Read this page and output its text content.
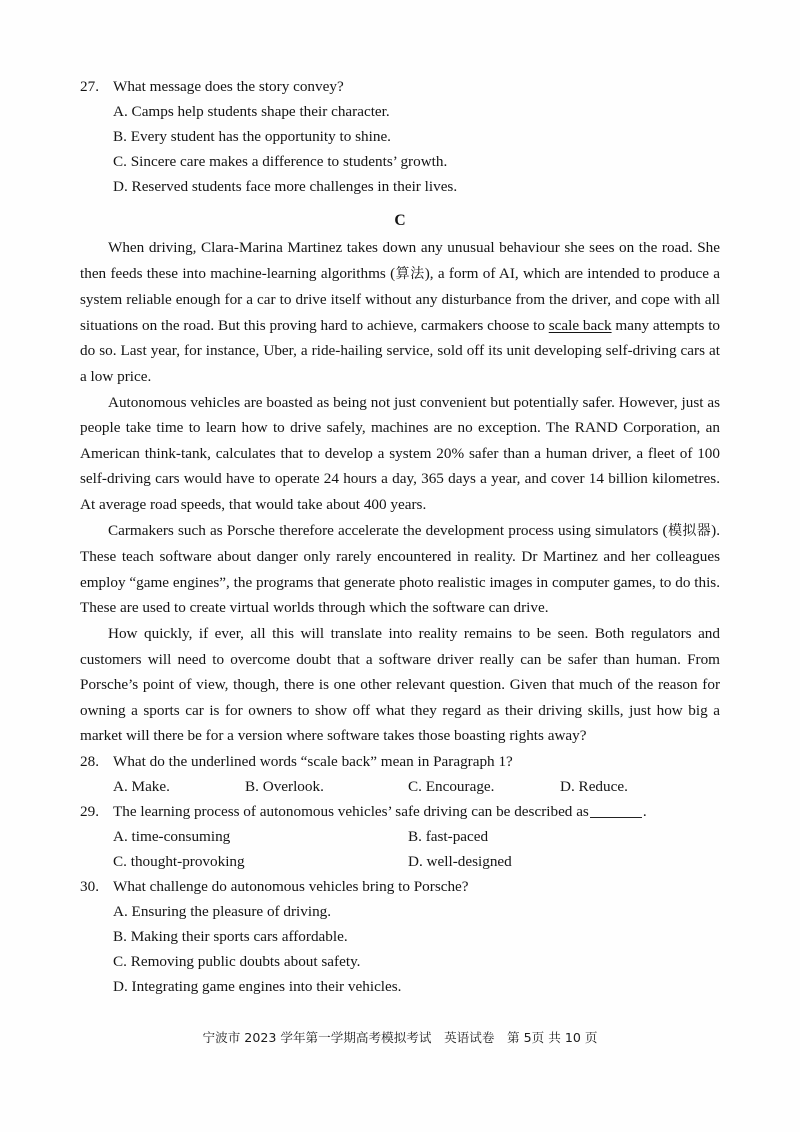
27. What message does the story convey?
A. Camps help students shape their character.
B. Every student has the opportunity to shine.
C. Sincere care makes a difference to students’ growth.
D. Reserved students face more challenges in their lives.
C

When driving, Clara-Marina Martinez takes down any unusual behaviour she sees on the road. She then feeds these into machine-learning algorithms (算法), a form of AI, which are intended to produce a system reliable enough for a car to drive itself without any disturbance from the driver, and cope with all situations on the road. But this proving hard to achieve, carmakers choose to scale back many attempts to do so. Last year, for instance, Uber, a ride-hailing service, sold off its unit developing self-driving cars at a low price.

Autonomous vehicles are boasted as being not just convenient but potentially safer. However, just as people take time to learn how to drive safely, machines are no exception. The RAND Corporation, an American think-tank, calculates that to develop a system 20% safer than a human driver, a fleet of 100 self-driving cars would have to operate 24 hours a day, 365 days a year, and cover 14 billion kilometres. At average road speeds, that would take about 400 years.

Carmakers such as Porsche therefore accelerate the development process using simulators (模拟器). These teach software about danger only rarely encountered in reality. Dr Martinez and her colleagues employ “game engines”, the programs that generate photo realistic images in computer games, to do this. These are used to create virtual worlds through which the software can drive.

How quickly, if ever, all this will translate into reality remains to be seen. Both regulators and customers will need to overcome doubt that a software driver really can be safer than human. From Porsche’s point of view, though, there is one other relevant question. Given that much of the reason for owning a sports car is for owners to show off what they regard as their driving skills, just how big a market will there be for a version where software takes those boasting rights away?

28. What do the underlined words “scale back” mean in Paragraph 1?
A. Make.	B. Overlook.	C. Encourage.	D. Reduce.
29. The learning process of autonomous vehicles’ safe driving can be described as	.
A. time-consuming	B. fast-paced
C. thought-provoking	D. well-designed
30. What challenge do autonomous vehicles bring to Porsche?
A. Ensuring the pleasure of driving.
B. Making their sports cars affordable.
C. Removing public doubts about safety.
D. Integrating game engines into their vehicles.
宁波市 2023 学年第一学期高考模拟考试　英语试卷　第 5页 共 10 页
